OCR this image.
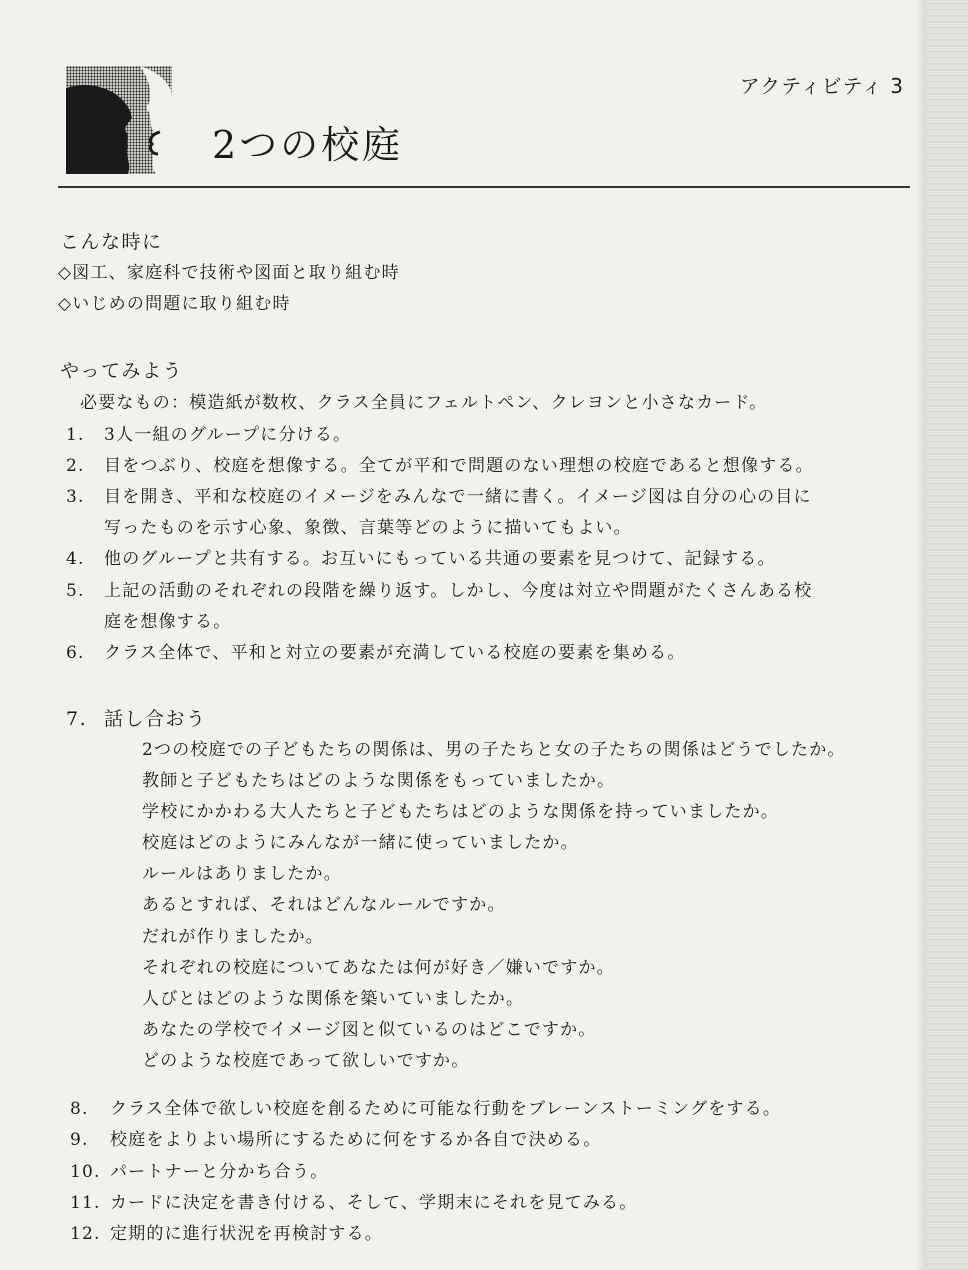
アクティビティ 3
2つの校庭
こんな時に
◇図工、家庭科で技術や図面と取り組む時
◇いじめの問題に取り組む時
やってみよう
必要なもの：模造紙が数枚、クラス全員にフェルトペン、クレヨンと小さなカード。
1. 3人一組のグループに分ける。
2. 目をつぶり、校庭を想像する。全てが平和で問題のない理想の校庭であると想像する。
3. 目を開き、平和な校庭のイメージをみんなで一緒に書く。イメージ図は自分の心の目に
写ったものを示す心象、象徴、言葉等どのように描いてもよい。
4. 他のグループと共有する。お互いにもっている共通の要素を見つけて、記録する。
5. 上記の活動のそれぞれの段階を繰り返す。しかし、今度は対立や問題がたくさんある校
庭を想像する。
6. クラス全体で、平和と対立の要素が充満している校庭の要素を集める。
7. 話し合おう
2つの校庭での子どもたちの関係は、男の子たちと女の子たちの関係はどうでしたか。
教師と子どもたちはどのような関係をもっていましたか。
学校にかかわる大人たちと子どもたちはどのような関係を持っていましたか。
校庭はどのようにみんなが一緒に使っていましたか。
ルールはありましたか。
あるとすれば、それはどんなルールですか。
だれが作りましたか。
それぞれの校庭についてあなたは何が好き／嫌いですか。
人びとはどのような関係を築いていましたか。
あなたの学校でイメージ図と似ているのはどこですか。
どのような校庭であって欲しいですか。
8. クラス全体で欲しい校庭を創るために可能な行動をブレーンストーミングをする。
9. 校庭をよりよい場所にするために何をするか各自で決める。
10. パートナーと分かち合う。
11. カードに決定を書き付ける、そして、学期末にそれを見てみる。
12. 定期的に進行状況を再検討する。
